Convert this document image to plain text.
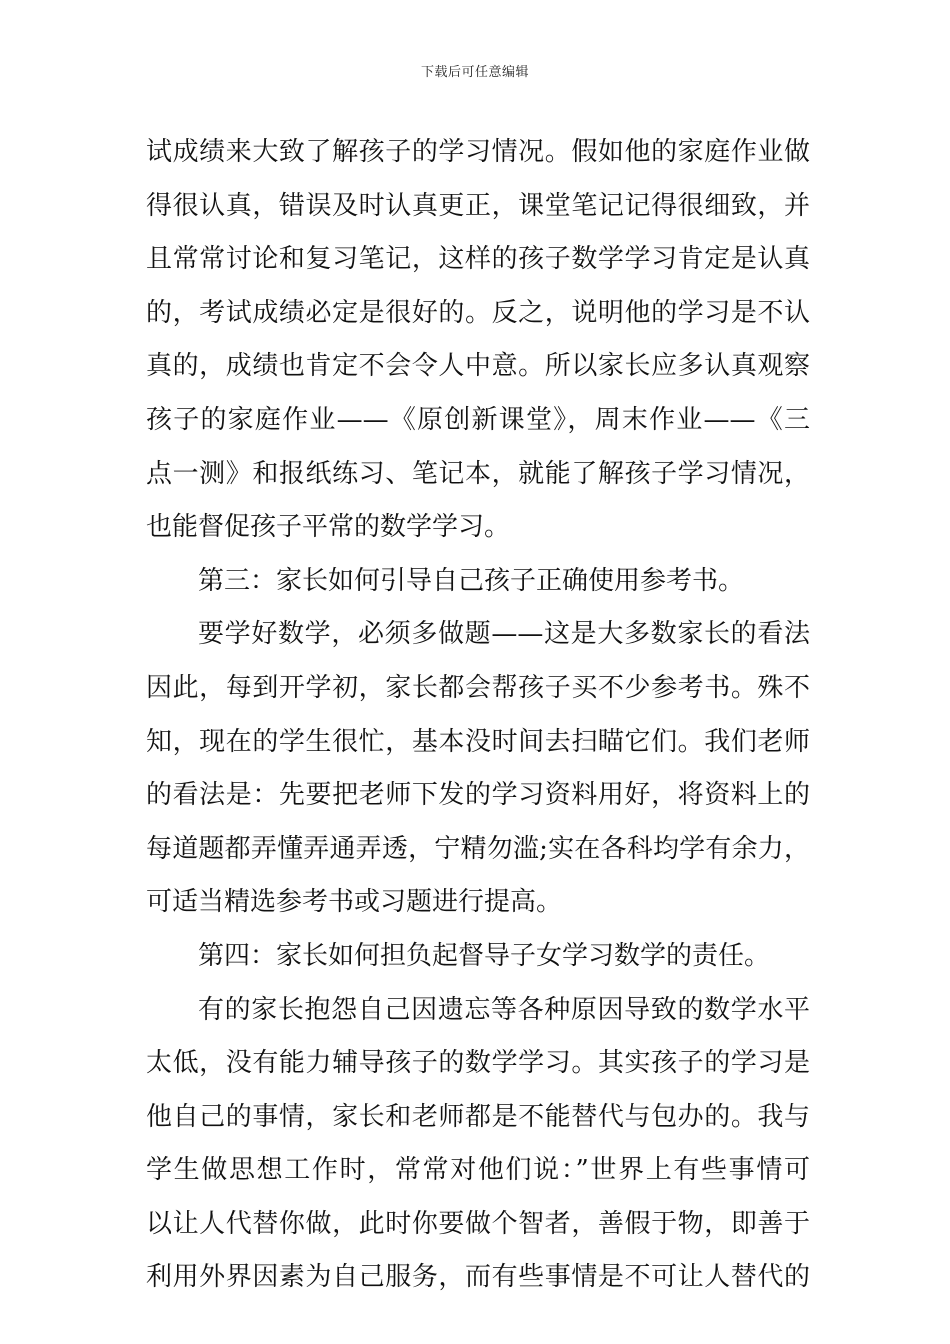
下载后可任意编辑
试成绩来大致了解孩子的学习情况。假如他的家庭作业做
得很认真，错误及时认真更正，课堂笔记记得很细致，并
且常常讨论和复习笔记，这样的孩子数学学习肯定是认真
的，考试成绩必定是很好的。反之，说明他的学习是不认
真的，成绩也肯定不会令人中意。所以家长应多认真观察
孩子的家庭作业——《原创新课堂》，周末作业——《三
点一测》和报纸练习、笔记本，就能了解孩子学习情况，
也能督促孩子平常的数学学习。
第三：家长如何引导自己孩子正确使用参考书。
要学好数学，必须多做题——这是大多数家长的看法
因此，每到开学初，家长都会帮孩子买不少参考书。殊不
知，现在的学生很忙，基本没时间去扫瞄它们。我们老师
的看法是：先要把老师下发的学习资料用好，将资料上的
每道题都弄懂弄通弄透，宁精勿滥;实在各科均学有余力，
可适当精选参考书或习题进行提高。
第四：家长如何担负起督导子女学习数学的责任。
有的家长抱怨自己因遗忘等各种原因导致的数学水平
太低，没有能力辅导孩子的数学学习。其实孩子的学习是
他自己的事情，家长和老师都是不能替代与包办的。我与
学生做思想工作时，常常对他们说：”世界上有些事情可
以让人代替你做，此时你要做个智者，善假于物，即善于
利用外界因素为自己服务，而有些事情是不可让人替代的
